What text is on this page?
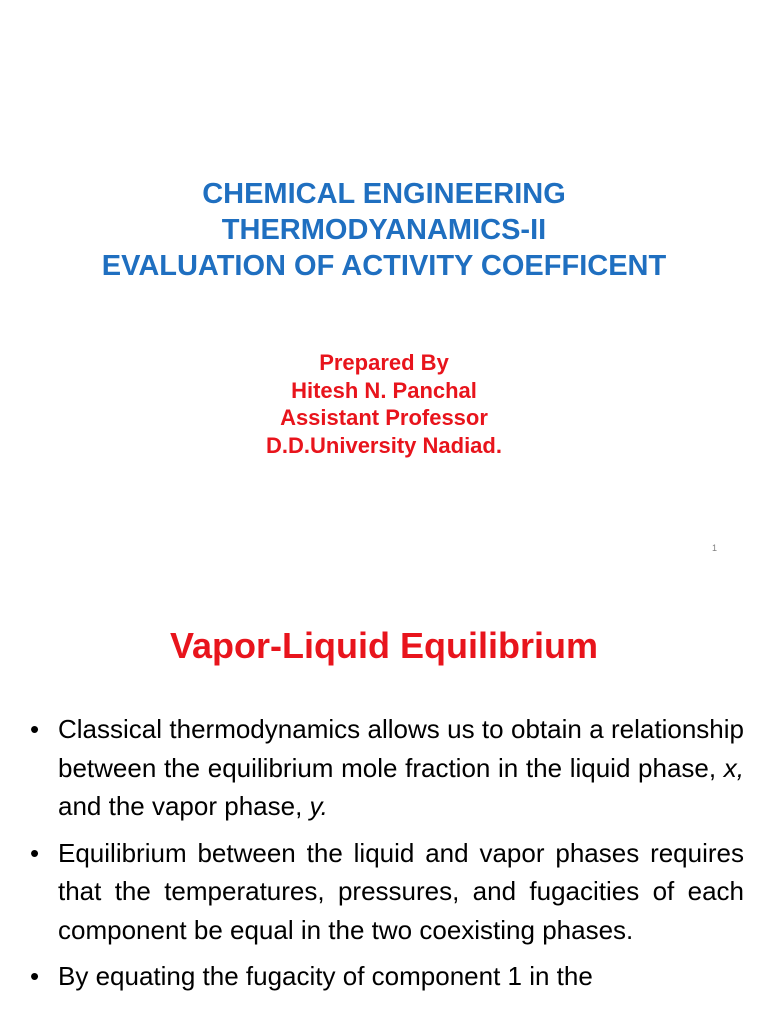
CHEMICAL ENGINEERING
THERMODYANAMICS-II
EVALUATION OF ACTIVITY COEFFICENT
Prepared By
Hitesh N. Panchal
Assistant Professor
D.D.University Nadiad.
1
Vapor-Liquid Equilibrium
• Classical thermodynamics allows us to obtain a relationship between the equilibrium mole fraction in the liquid phase, x, and the vapor phase, y.
• Equilibrium between the liquid and vapor phases requires that the temperatures, pressures, and fugacities of each component be equal in the two coexisting phases.
• By equating the fugacity of component 1 in the
